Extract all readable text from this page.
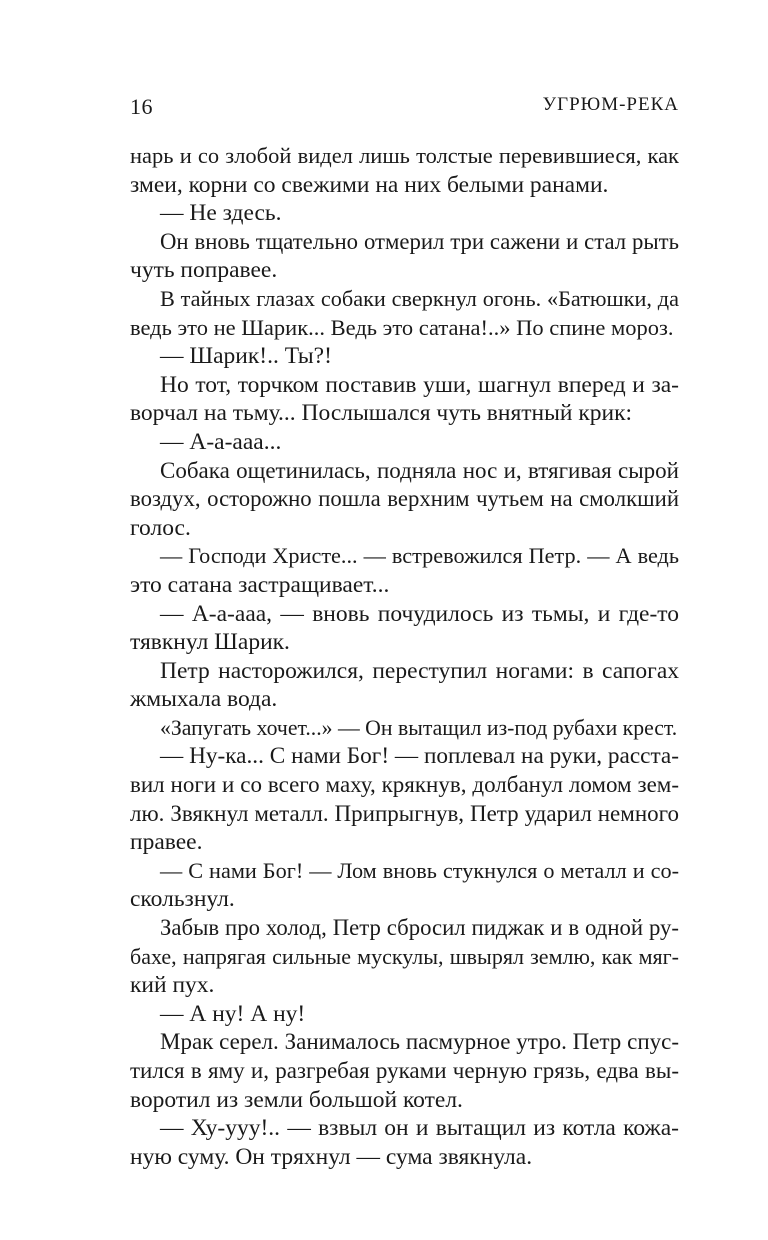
16	УГРЮМ-РЕКА
нарь и со злобой видел лишь толстые перевившиеся, как
змеи, корни со свежими на них белыми ранами.
— Не здесь.
Он вновь тщательно отмерил три сажени и стал рыть
чуть поправее.
В тайных глазах собаки сверкнул огонь. «Батюшки, да
ведь это не Шарик... Ведь это сатана!..» По спине мороз.
— Шарик!.. Ты?!
Но тот, торчком поставив уши, шагнул вперед и за-
ворчал на тьму... Послышался чуть внятный крик:
— А-а-ааа...
Собака ощетинилась, подняла нос и, втягивая сырой
воздух, осторожно пошла верхним чутьем на смолкший
голос.
— Господи Христе... — встревожился Петр. — А ведь
это сатана застращивает...
— А-а-ааа, — вновь почудилось из тьмы, и где-то
тявкнул Шарик.
Петр насторожился, переступил ногами: в сапогах
жмыхала вода.
«Запугать хочет...» — Он вытащил из-под рубахи крест.
— Ну-ка... С нами Бог! — поплевал на руки, расста-
вил ноги и со всего маху, крякнув, долбанул ломом зем-
лю. Звякнул металл. Припрыгнув, Петр ударил немного
правее.
— С нами Бог! — Лом вновь стукнулся о металл и со-
скользнул.
Забыв про холод, Петр сбросил пиджак и в одной ру-
бахе, напрягая сильные мускулы, швырял землю, как мяг-
кий пух.
— А ну! А ну!
Мрак серел. Занималось пасмурное утро. Петр спус-
тился в яму и, разгребая руками черную грязь, едва вы-
воротил из земли большой котел.
— Ху-ууу!.. — взвыл он и вытащил из котла кожа-
ную суму. Он тряхнул — сума звякнула.
